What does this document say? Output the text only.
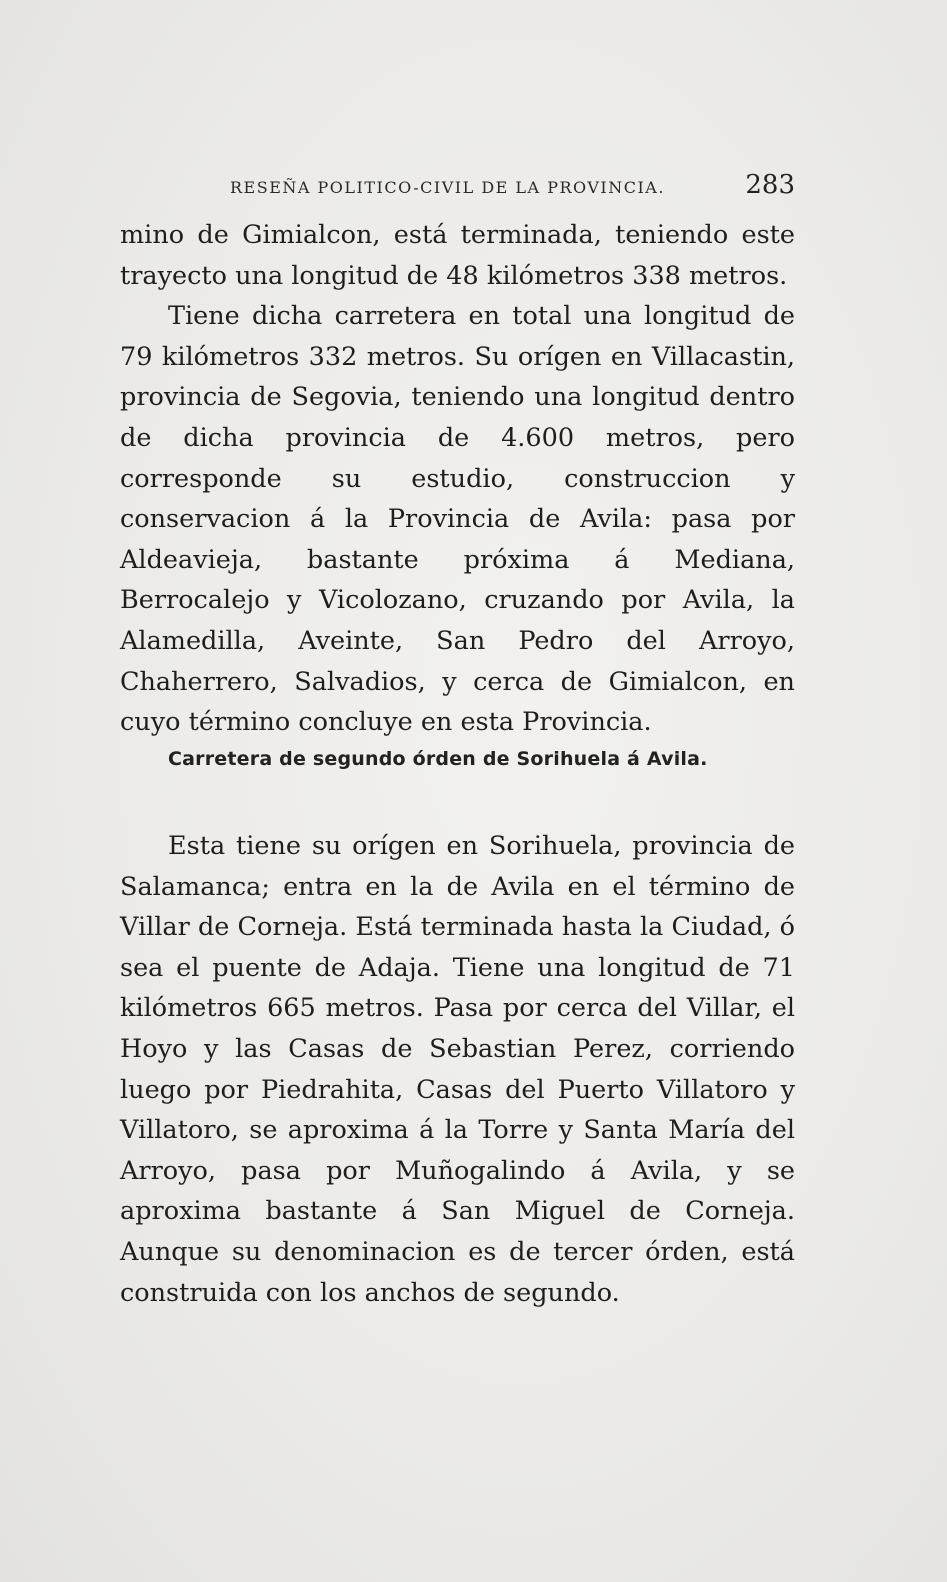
RESEÑA POLITICO-CIVIL DE LA PROVINCIA.	283

mino de Gimialcon, está terminada, teniendo este trayecto una longitud de 48 kilómetros 338 metros.

Tiene dicha carretera en total una longitud de 79 kilómetros 332 metros. Su orígen en Villacastin, provincia de Segovia, teniendo una longitud dentro de dicha provincia de 4.600 metros, pero corresponde su estudio, construccion y conservacion á la Provincia de Avila: pasa por Aldeavieja, bastante próxima á Mediana, Berrocalejo y Vicolozano, cruzando por Avila, la Alamedilla, Aveinte, San Pedro del Arroyo, Chaherrero, Salvadios, y cerca de Gimialcon, en cuyo término concluye en esta Provincia.

Carretera de segundo órden de Sorihuela á Avila.

Esta tiene su orígen en Sorihuela, provincia de Salamanca; entra en la de Avila en el término de Villar de Corneja. Está terminada hasta la Ciudad, ó sea el puente de Adaja. Tiene una longitud de 71 kilómetros 665 metros. Pasa por cerca del Villar, el Hoyo y las Casas de Sebastian Perez, corriendo luego por Piedrahita, Casas del Puerto Villatoro y Villatoro, se aproxima á la Torre y Santa María del Arroyo, pasa por Muñogalindo á Avila, y se aproxima bastante á San Miguel de Corneja. Aunque su denominacion es de tercer órden, está construida con los anchos de segundo.
